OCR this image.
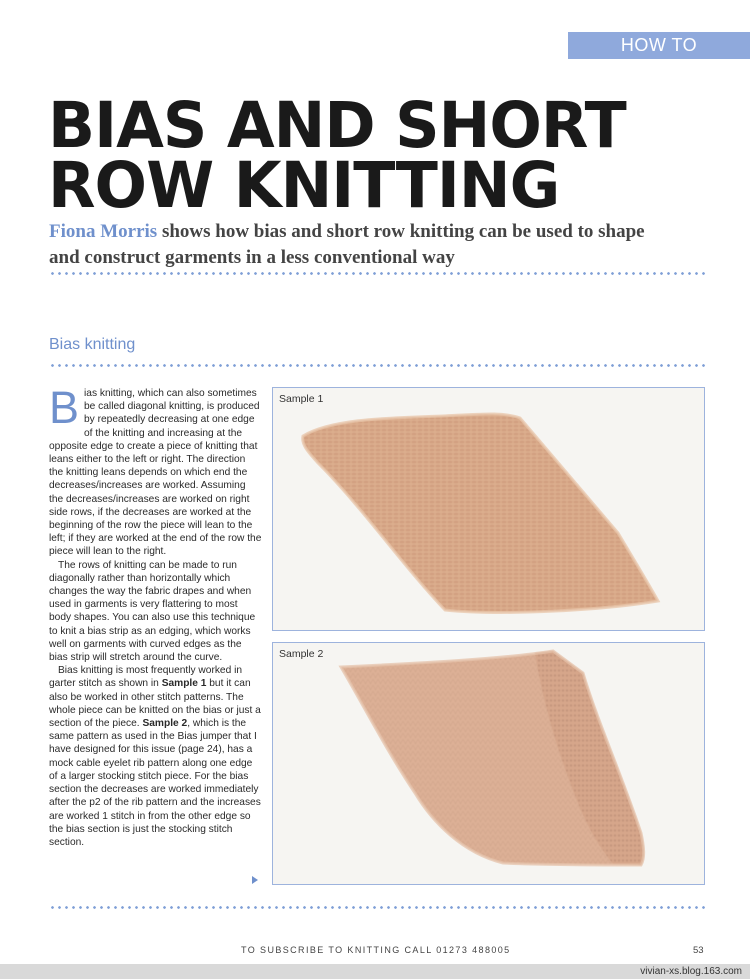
HOW TO
BIAS AND SHORT
ROW KNITTING

Fiona Morris shows how bias and short row knitting can be used to shape and construct garments in a less conventional way

Bias knitting

Bias knitting, which can also sometimes be called diagonal knitting, is produced by repeatedly decreasing at one edge of the knitting and increasing at the opposite edge to create a piece of knitting that leans either to the left or right. The direction the knitting leans depends on which end the decreases/increases are worked. Assuming the decreases/increases are worked on right side rows, if the decreases are worked at the beginning of the row the piece will lean to the left; if they are worked at the end of the row the piece will lean to the right.

The rows of knitting can be made to run diagonally rather than horizontally which changes the way the fabric drapes and when used in garments is very flattering to most body shapes. You can also use this technique to knit a bias strip as an edging, which works well on garments with curved edges as the bias strip will stretch around the curve.

Bias knitting is most frequently worked in garter stitch as shown in Sample 1 but it can also be worked in other stitch patterns. The whole piece can be knitted on the bias or just a section of the piece. Sample 2, which is the same pattern as used in the Bias jumper that I have designed for this issue (page 24), has a mock cable eyelet rib pattern along one edge of a larger stocking stitch piece. For the bias section the decreases are worked immediately after the p2 of the rib pattern and the increases are worked 1 stitch in from the other edge so the bias section is just the stocking stitch section.

Sample 1
Sample 2
TO SUBSCRIBE TO KNITTING CALL 01273 488005	53
vivian-xs.blog.163.com
